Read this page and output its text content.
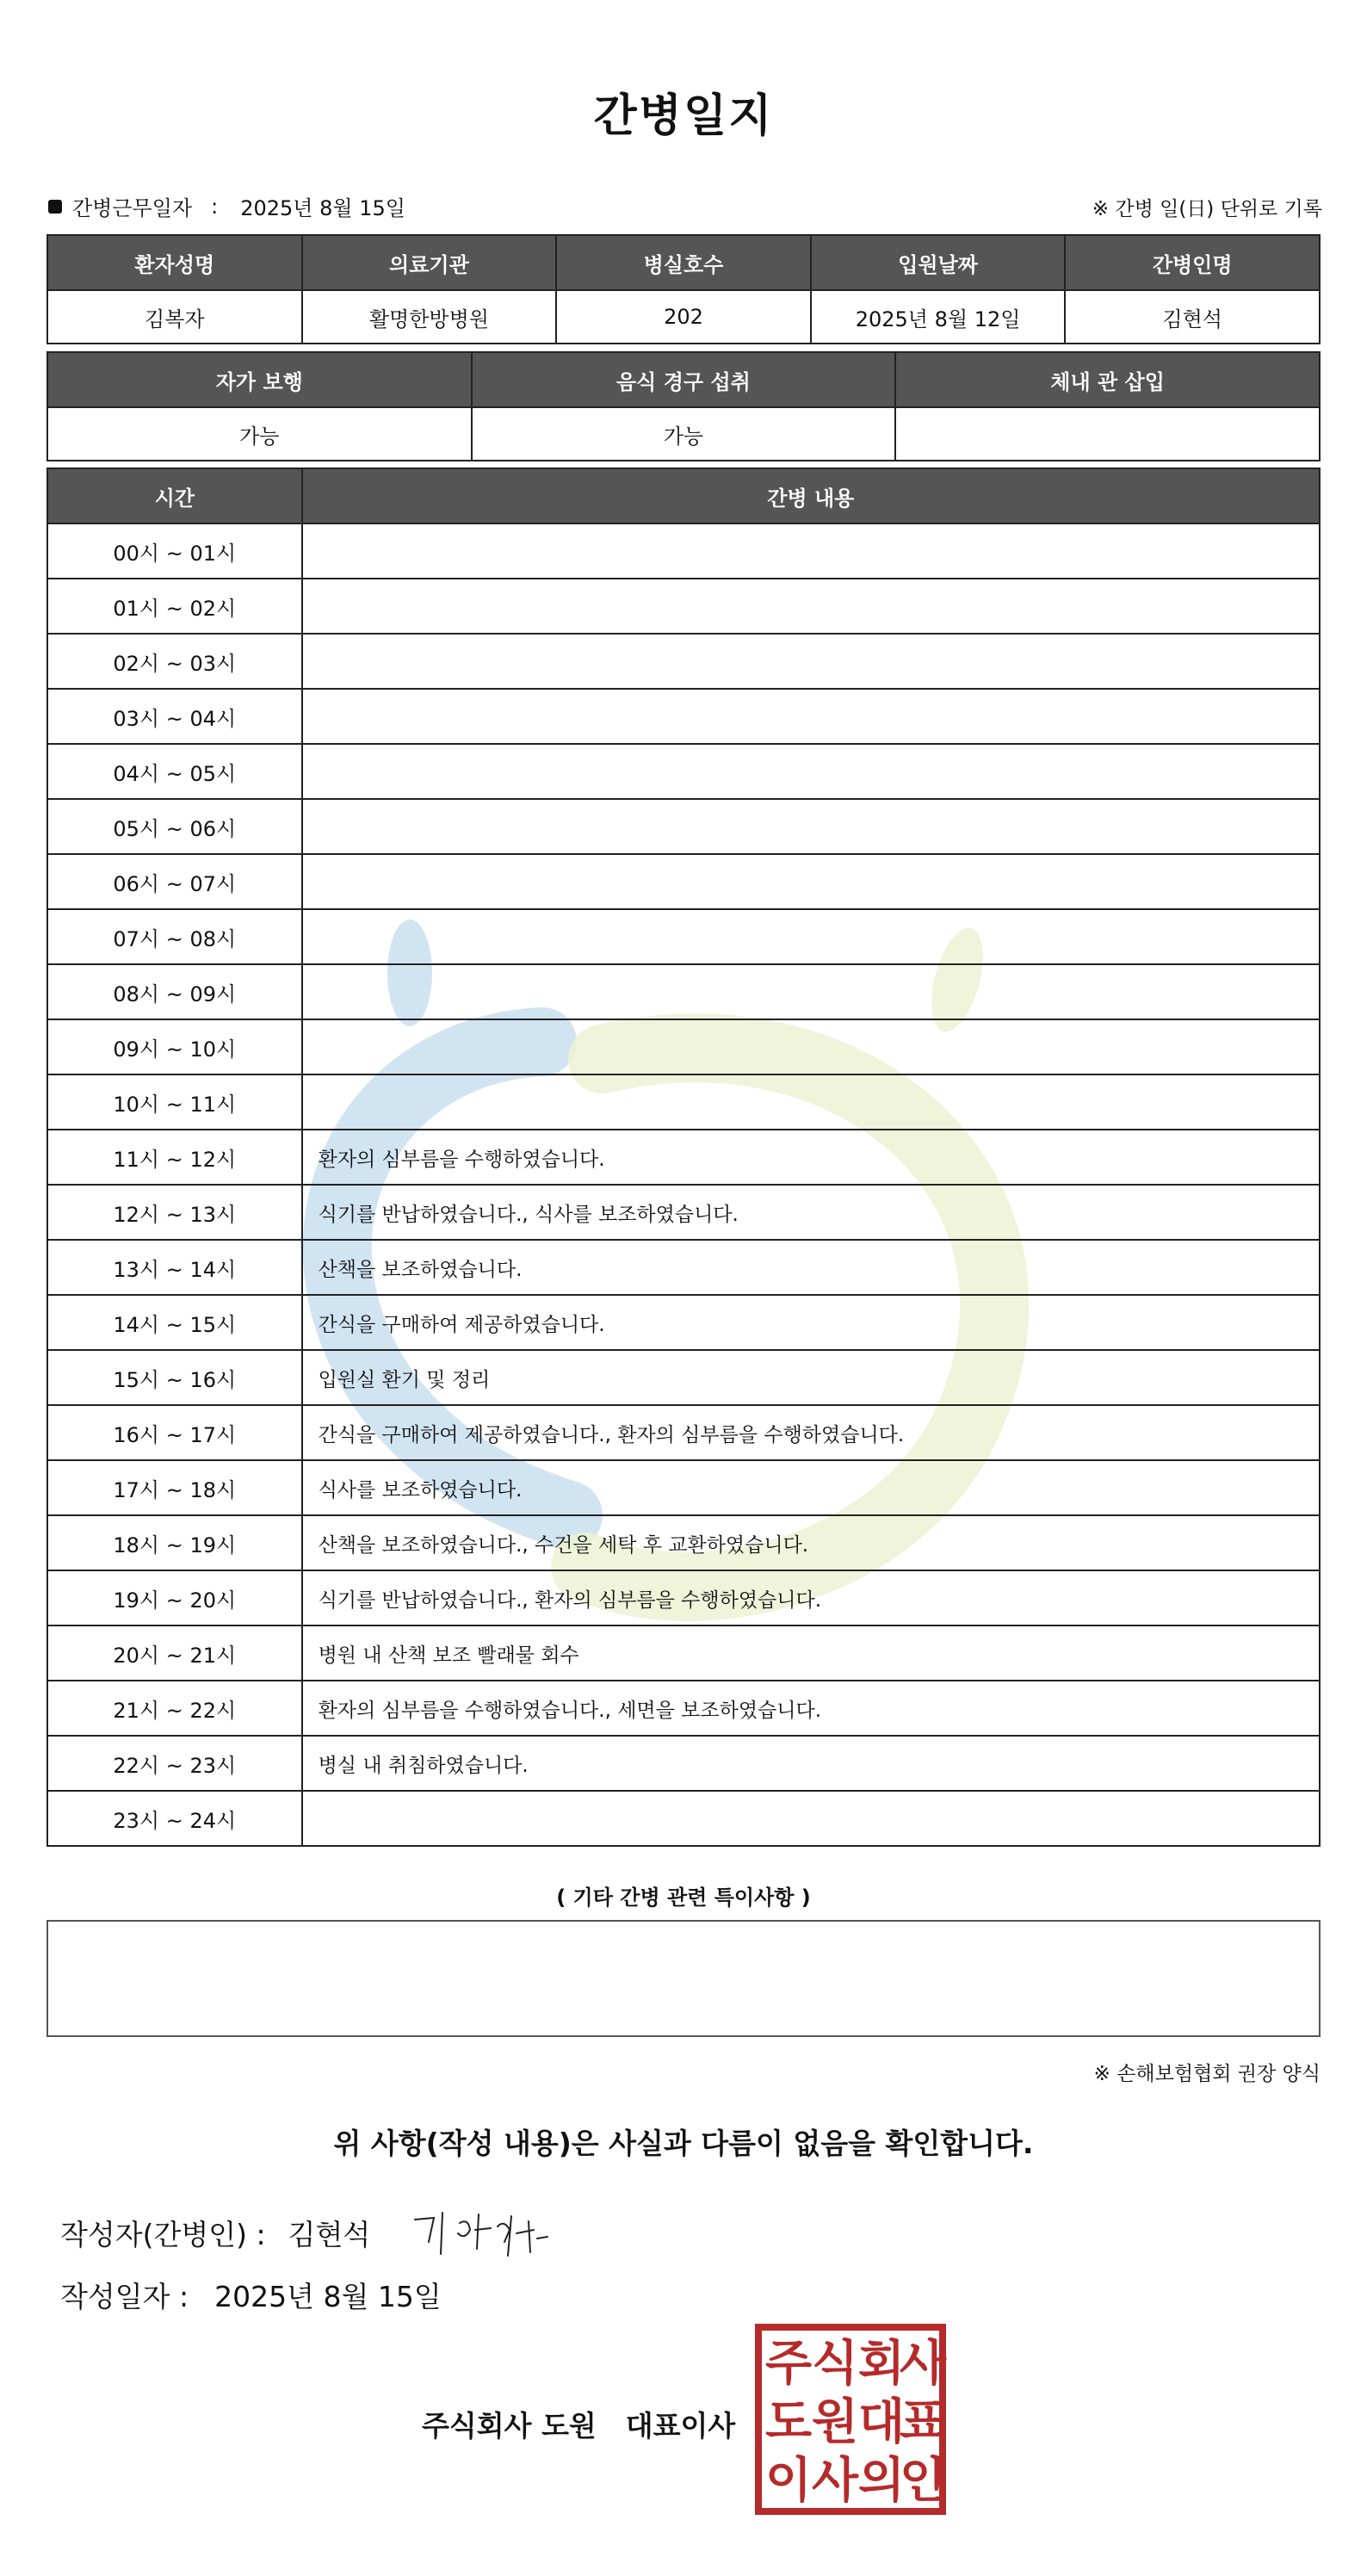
간병일지
간병근무일자 : 2025년 8월 15일	※ 간병 일(日) 단위로 기록
환자성명	의료기관	병실호수	입원날짜	간병인명
김복자	활명한방병원	202	2025년 8월 12일	김현석
자가 보행	음식 경구 섭취	체내 관 삽입
가능	가능	
시간	간병 내용
00시 ~ 01시	
01시 ~ 02시	
02시 ~ 03시	
03시 ~ 04시	
04시 ~ 05시	
05시 ~ 06시	
06시 ~ 07시	
07시 ~ 08시	
08시 ~ 09시	
09시 ~ 10시	
10시 ~ 11시	
11시 ~ 12시	환자의 심부름을 수행하였습니다.
12시 ~ 13시	식기를 반납하였습니다., 식사를 보조하였습니다.
13시 ~ 14시	산책을 보조하였습니다.
14시 ~ 15시	간식을 구매하여 제공하였습니다.
15시 ~ 16시	입원실 환기 및 정리
16시 ~ 17시	간식을 구매하여 제공하였습니다., 환자의 심부름을 수행하였습니다.
17시 ~ 18시	식사를 보조하였습니다.
18시 ~ 19시	산책을 보조하였습니다., 수건을 세탁 후 교환하였습니다.
19시 ~ 20시	식기를 반납하였습니다., 환자의 심부름을 수행하였습니다.
20시 ~ 21시	병원 내 산책 보조 빨래물 회수
21시 ~ 22시	환자의 심부름을 수행하였습니다., 세면을 보조하였습니다.
22시 ~ 23시	병실 내 취침하였습니다.
23시 ~ 24시	
( 기타 간병 관련 특이사항 )
※ 손해보험협회 권장 양식
위 사항(작성 내용)은 사실과 다름이 없음을 확인합니다.
작성자(간병인) : 김현석
작성일자 : 2025년 8월 15일
주식회사 도원 대표이사
주 식 회
사
도 원 대
표
이 사 의
인
